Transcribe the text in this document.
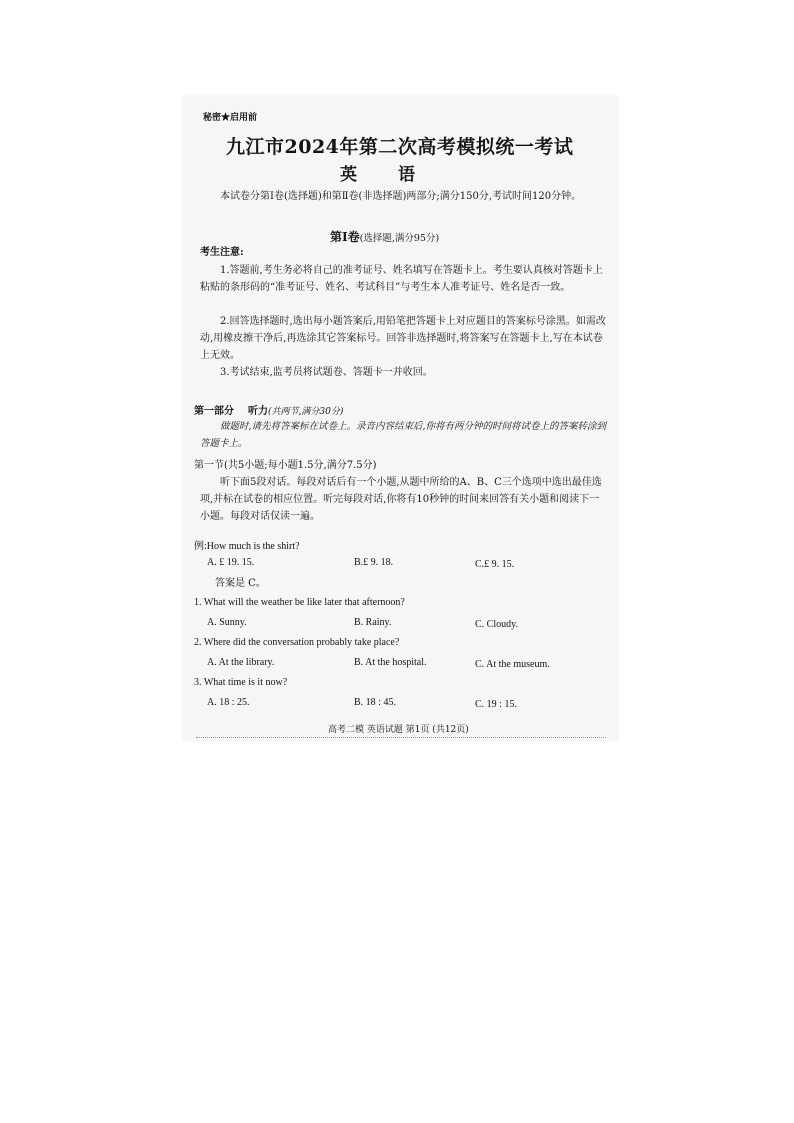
秘密★启用前
九江市2024年第二次高考模拟统一考试
英 语
本试卷分第Ⅰ卷(选择题)和第Ⅱ卷(非选择题)两部分;满分150分,考试时间120分钟。
第Ⅰ卷(选择题,满分95分)
考生注意:
1.答题前,考生务必将自己的准考证号、姓名填写在答题卡上。考生要认真核对答题卡上粘贴的条形码的“准考证号、姓名、考试科目”与考生本人准考证号、姓名是否一致。
2.回答选择题时,选出每小题答案后,用铅笔把答题卡上对应题目的答案标号涂黑。如需改动,用橡皮擦干净后,再选涂其它答案标号。回答非选择题时,将答案写在答题卡上,写在本试卷上无效。
3.考试结束,监考员将试题卷、答题卡一并收回。
第一部分 听力(共两节,满分30分)
做题时,请先将答案标在试卷上。录音内容结束后,你将有两分钟的时间将试卷上的答案转涂到答题卡上。
第一节(共5小题;每小题1.5分,满分7.5分)
听下面5段对话。每段对话后有一个小题,从题中所给的A、B、C三个选项中选出最佳选项,并标在试卷的相应位置。听完每段对话,你将有10秒钟的时间来回答有关小题和阅读下一小题。每段对话仅读一遍。
例:How much is the shirt?
A. £ 19. 15.	B.£ 9. 18.	C.£ 9. 15.
答案是 C。
1. What will the weather be like later that afternoon?
A. Sunny.	B. Rainy.	C. Cloudy.
2. Where did the conversation probably take place?
A. At the library.	B. At the hospital.	C. At the museum.
3. What time is it now?
A. 18 : 25.	B. 18 : 45.	C. 19 : 15.
高考二模 英语试题 第1页 (共12页)
